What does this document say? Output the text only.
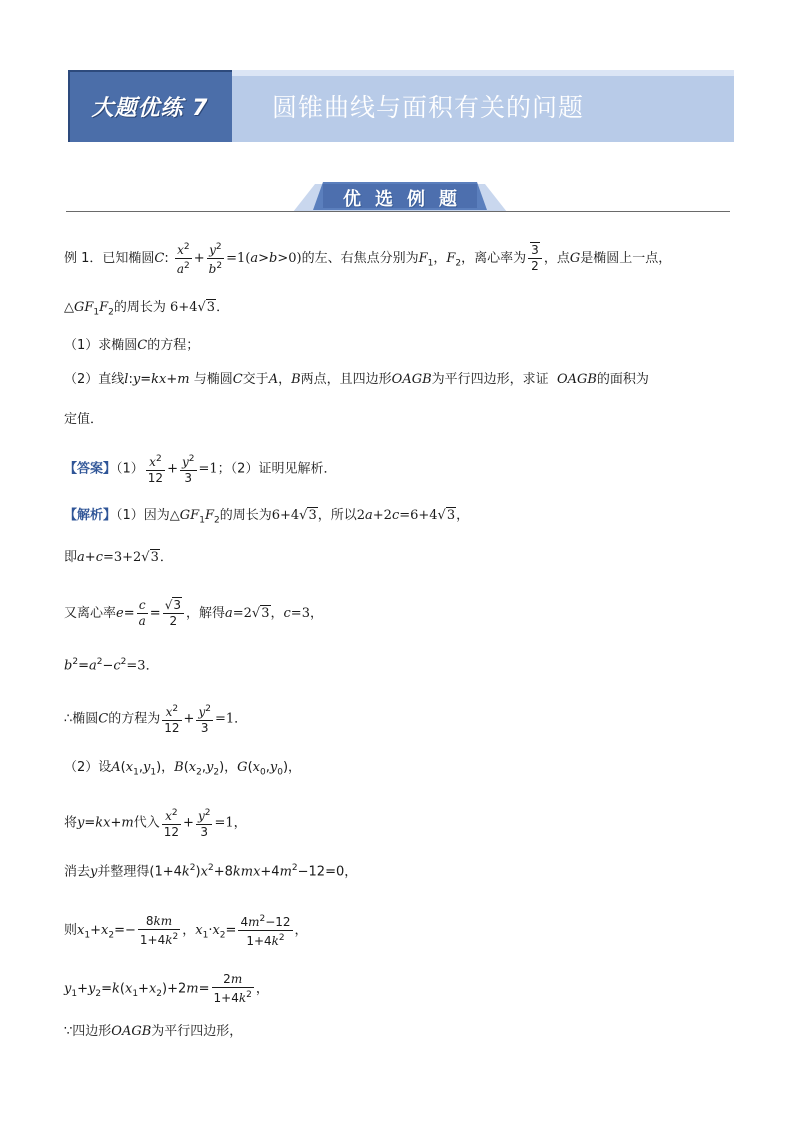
大题优练 7	圆锥曲线与面积有关的问题
优选例题
例 1．已知椭圆C: $\frac{x^2}{a^2} + \frac{y^2}{b^2} =1(a>b>0)$的左、右焦点分别为$F_1$，$F_2$，离心率为 $\frac{3}{2}$ ，点G是椭圆上一点，
$\triangle GF_1F_2$的周长为 6+4√3．
（1）求椭圆C的方程；
（2）直线l:y=kx+m 与椭圆C交于A，B两点，且四边形OAGB为平行四边形，求证 OAGB的面积为
定值．
【答案】$(1) \frac{x^2}{12} + \frac{y^2}{3} =1$；（2）证明见解析．
【解析】（1）因为$\triangle GF_1F_2$的周长为6+4√3，所以2a+2c=6+4√3，
即a+c=3+2√3．
又离心率$e= \frac{c}{a} = \frac{√3}{2}$ ，解得a=2√3，c=3，
$b^2=a^2-c^2=3$．
∴椭圆C的方程为 $\frac{x^2}{12} + \frac{y^2}{3} =1$．
（2）设$A(x_1,y_1)$，$B(x_2,y_2)$，$G(x_0,y_0)$，
将y=kx+m代入 $\frac{x^2}{12} + \frac{y^2}{3} =1$，
消去y并整理得$(1+4k^2)x^2+8kmx+4m^2-12=0$，
则$x_1+x_2=- \frac{8km}{1+4k^2}$ ，$x_1\cdot x_2= \frac{4m^2-12}{1+4k^2}$ ，
$y_1+y_2=k(x_1+x_2)+2m= \frac{2m}{1+4k^2}$ ，
∵四边形OAGB为平行四边形，
